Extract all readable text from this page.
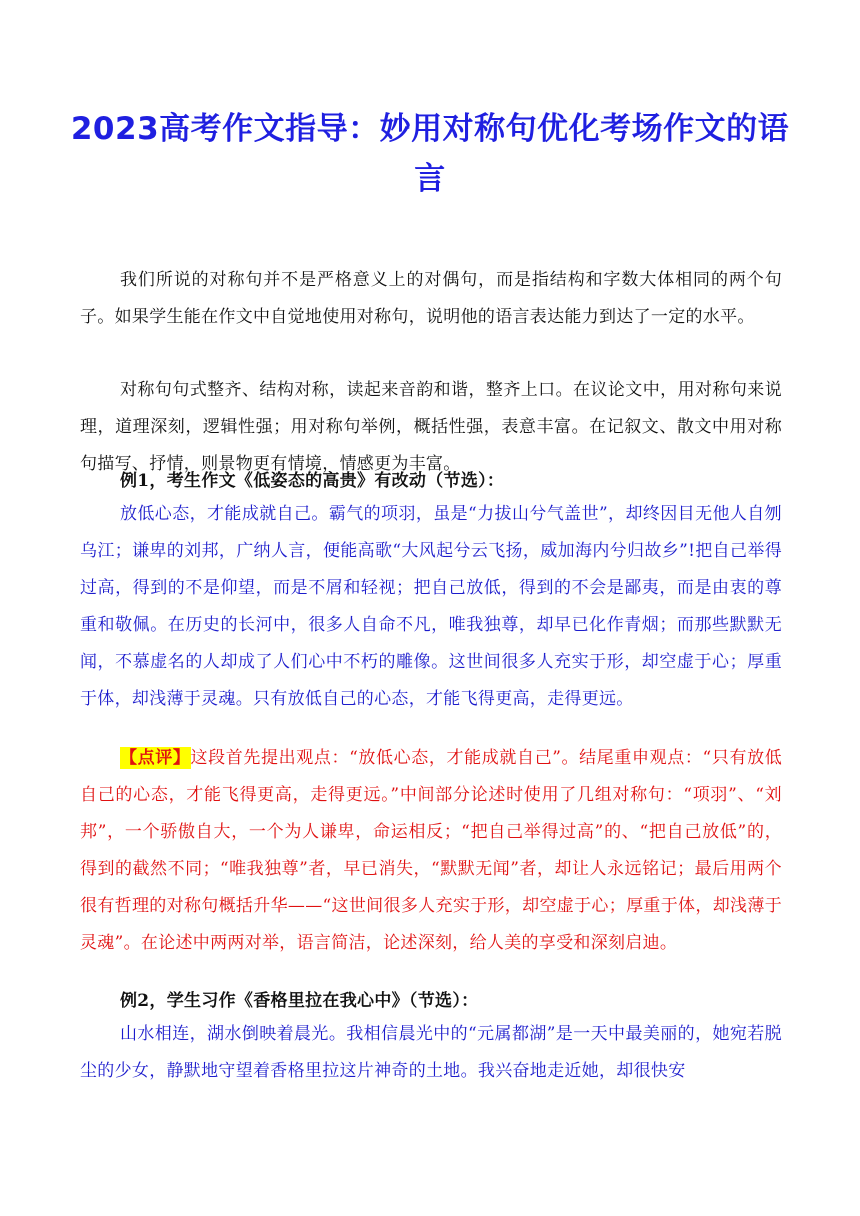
2023高考作文指导：妙用对称句优化考场作文的语言

我们所说的对称句并不是严格意义上的对偶句，而是指结构和字数大体相同的两个句子。如果学生能在作文中自觉地使用对称句，说明他的语言表达能力到达了一定的水平。

对称句句式整齐、结构对称，读起来音韵和谐，整齐上口。在议论文中，用对称句来说理，道理深刻，逻辑性强；用对称句举例，概括性强，表意丰富。在记叙文、散文中用对称句描写、抒情，则景物更有情境，情感更为丰富。

例1，考生作文《低姿态的高贵》有改动（节选）：

放低心态，才能成就自己。霸气的项羽，虽是“力拔山兮气盖世”，却终因目无他人自刎乌江；谦卑的刘邦，广纳人言，便能高歌“大风起兮云飞扬，威加海内兮归故乡”!把自己举得过高，得到的不是仰望，而是不屑和轻视；把自己放低，得到的不会是鄙夷，而是由衷的尊重和敬佩。在历史的长河中，很多人自命不凡，唯我独尊，却早已化作青烟；而那些默默无闻，不慕虚名的人却成了人们心中不朽的雕像。这世间很多人充实于形，却空虚于心；厚重于体，却浅薄于灵魂。只有放低自己的心态，才能飞得更高，走得更远。

【点评】这段首先提出观点：“放低心态，才能成就自己”。结尾重申观点：“只有放低自己的心态，才能飞得更高，走得更远。”中间部分论述时使用了几组对称句：“项羽”、“刘邦”，一个骄傲自大，一个为人谦卑，命运相反；“把自己举得过高”的、“把自己放低”的，得到的截然不同；“唯我独尊”者，早已消失，“默默无闻”者，却让人永远铭记；最后用两个很有哲理的对称句概括升华——“这世间很多人充实于形，却空虚于心；厚重于体，却浅薄于灵魂”。在论述中两两对举，语言简洁，论述深刻，给人美的享受和深刻启迪。

例2，学生习作《香格里拉在我心中》（节选）：

山水相连，湖水倒映着晨光。我相信晨光中的“元属都湖”是一天中最美丽的，她宛若脱尘的少女，静默地守望着香格里拉这片神奇的土地。我兴奋地走近她，却很快安
